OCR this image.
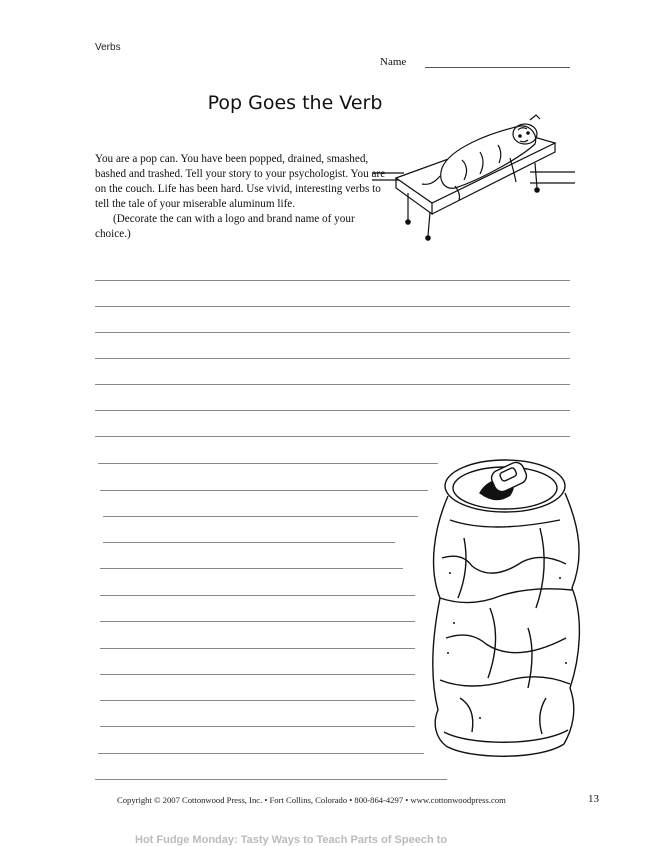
Verbs
Name
Pop Goes the Verb

You are a pop can. You have been popped, drained, smashed, bashed and trashed. Tell your story to your psychologist. You are on the couch. Life has been hard. Use vivid, interesting verbs to tell the tale of your miserable aluminum life.

(Decorate the can with a logo and brand name of your choice.)

Copyright © 2007 Cottonwood Press, Inc. • Fort Collins, Colorado • 800-864-4297 • www.cottonwoodpress.com	13
Hot Fudge Monday: Tasty Ways to Teach Parts of Speech to
